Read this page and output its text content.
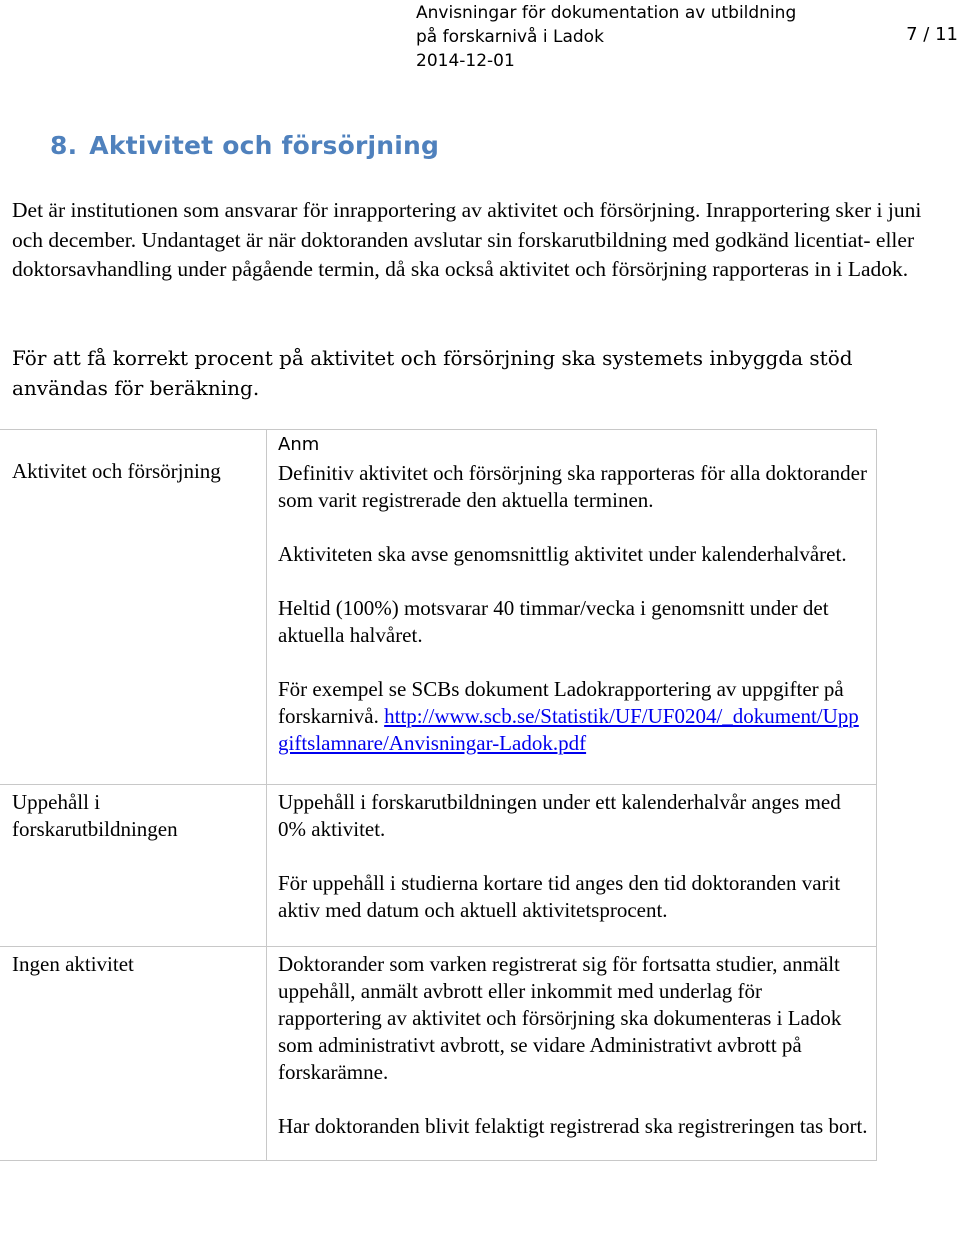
Anvisningar för dokumentation av utbildning
på forskarnivå i Ladok
2014-12-01
7 / 11
8. Aktivitet och försörjning

Det är institutionen som ansvarar för inrapportering av aktivitet och försörjning. Inrapportering sker i juni och december. Undantaget är när doktoranden avslutar sin forskarutbildning med godkänd licentiat- eller doktorsavhandling under pågående termin, då ska också aktivitet och försörjning rapporteras in i Ladok.

För att få korrekt procent på aktivitet och försörjning ska systemets inbyggda stöd användas för beräkning.

Aktivitet och försörjning	Anm

Definitiv aktivitet och försörjning ska rapporteras för alla doktorander som varit registrerade den aktuella terminen.

Aktiviteten ska avse genomsnittlig aktivitet under kalenderhalvåret.

Heltid (100%) motsvarar 40 timmar/vecka i genomsnitt under det aktuella halvåret.

För exempel se SCBs dokument Ladokrapportering av uppgifter på forskarnivå. http://www.scb.se/Statistik/UF/UF0204/_dokument/Uppgiftslamnare/Anvisningar-Ladok.pdf

Uppehåll i forskarutbildningen	Uppehåll i forskarutbildningen under ett kalenderhalvår anges med 0% aktivitet.

För uppehåll i studierna kortare tid anges den tid doktoranden varit aktiv med datum och aktuell aktivitetsprocent.

Ingen aktivitet	Doktorander som varken registrerat sig för fortsatta studier, anmält uppehåll, anmält avbrott eller inkommit med underlag för rapportering av aktivitet och försörjning ska dokumenteras i Ladok som administrativt avbrott, se vidare Administrativt avbrott på forskarämne.

Har doktoranden blivit felaktigt registrerad ska registreringen tas bort.
